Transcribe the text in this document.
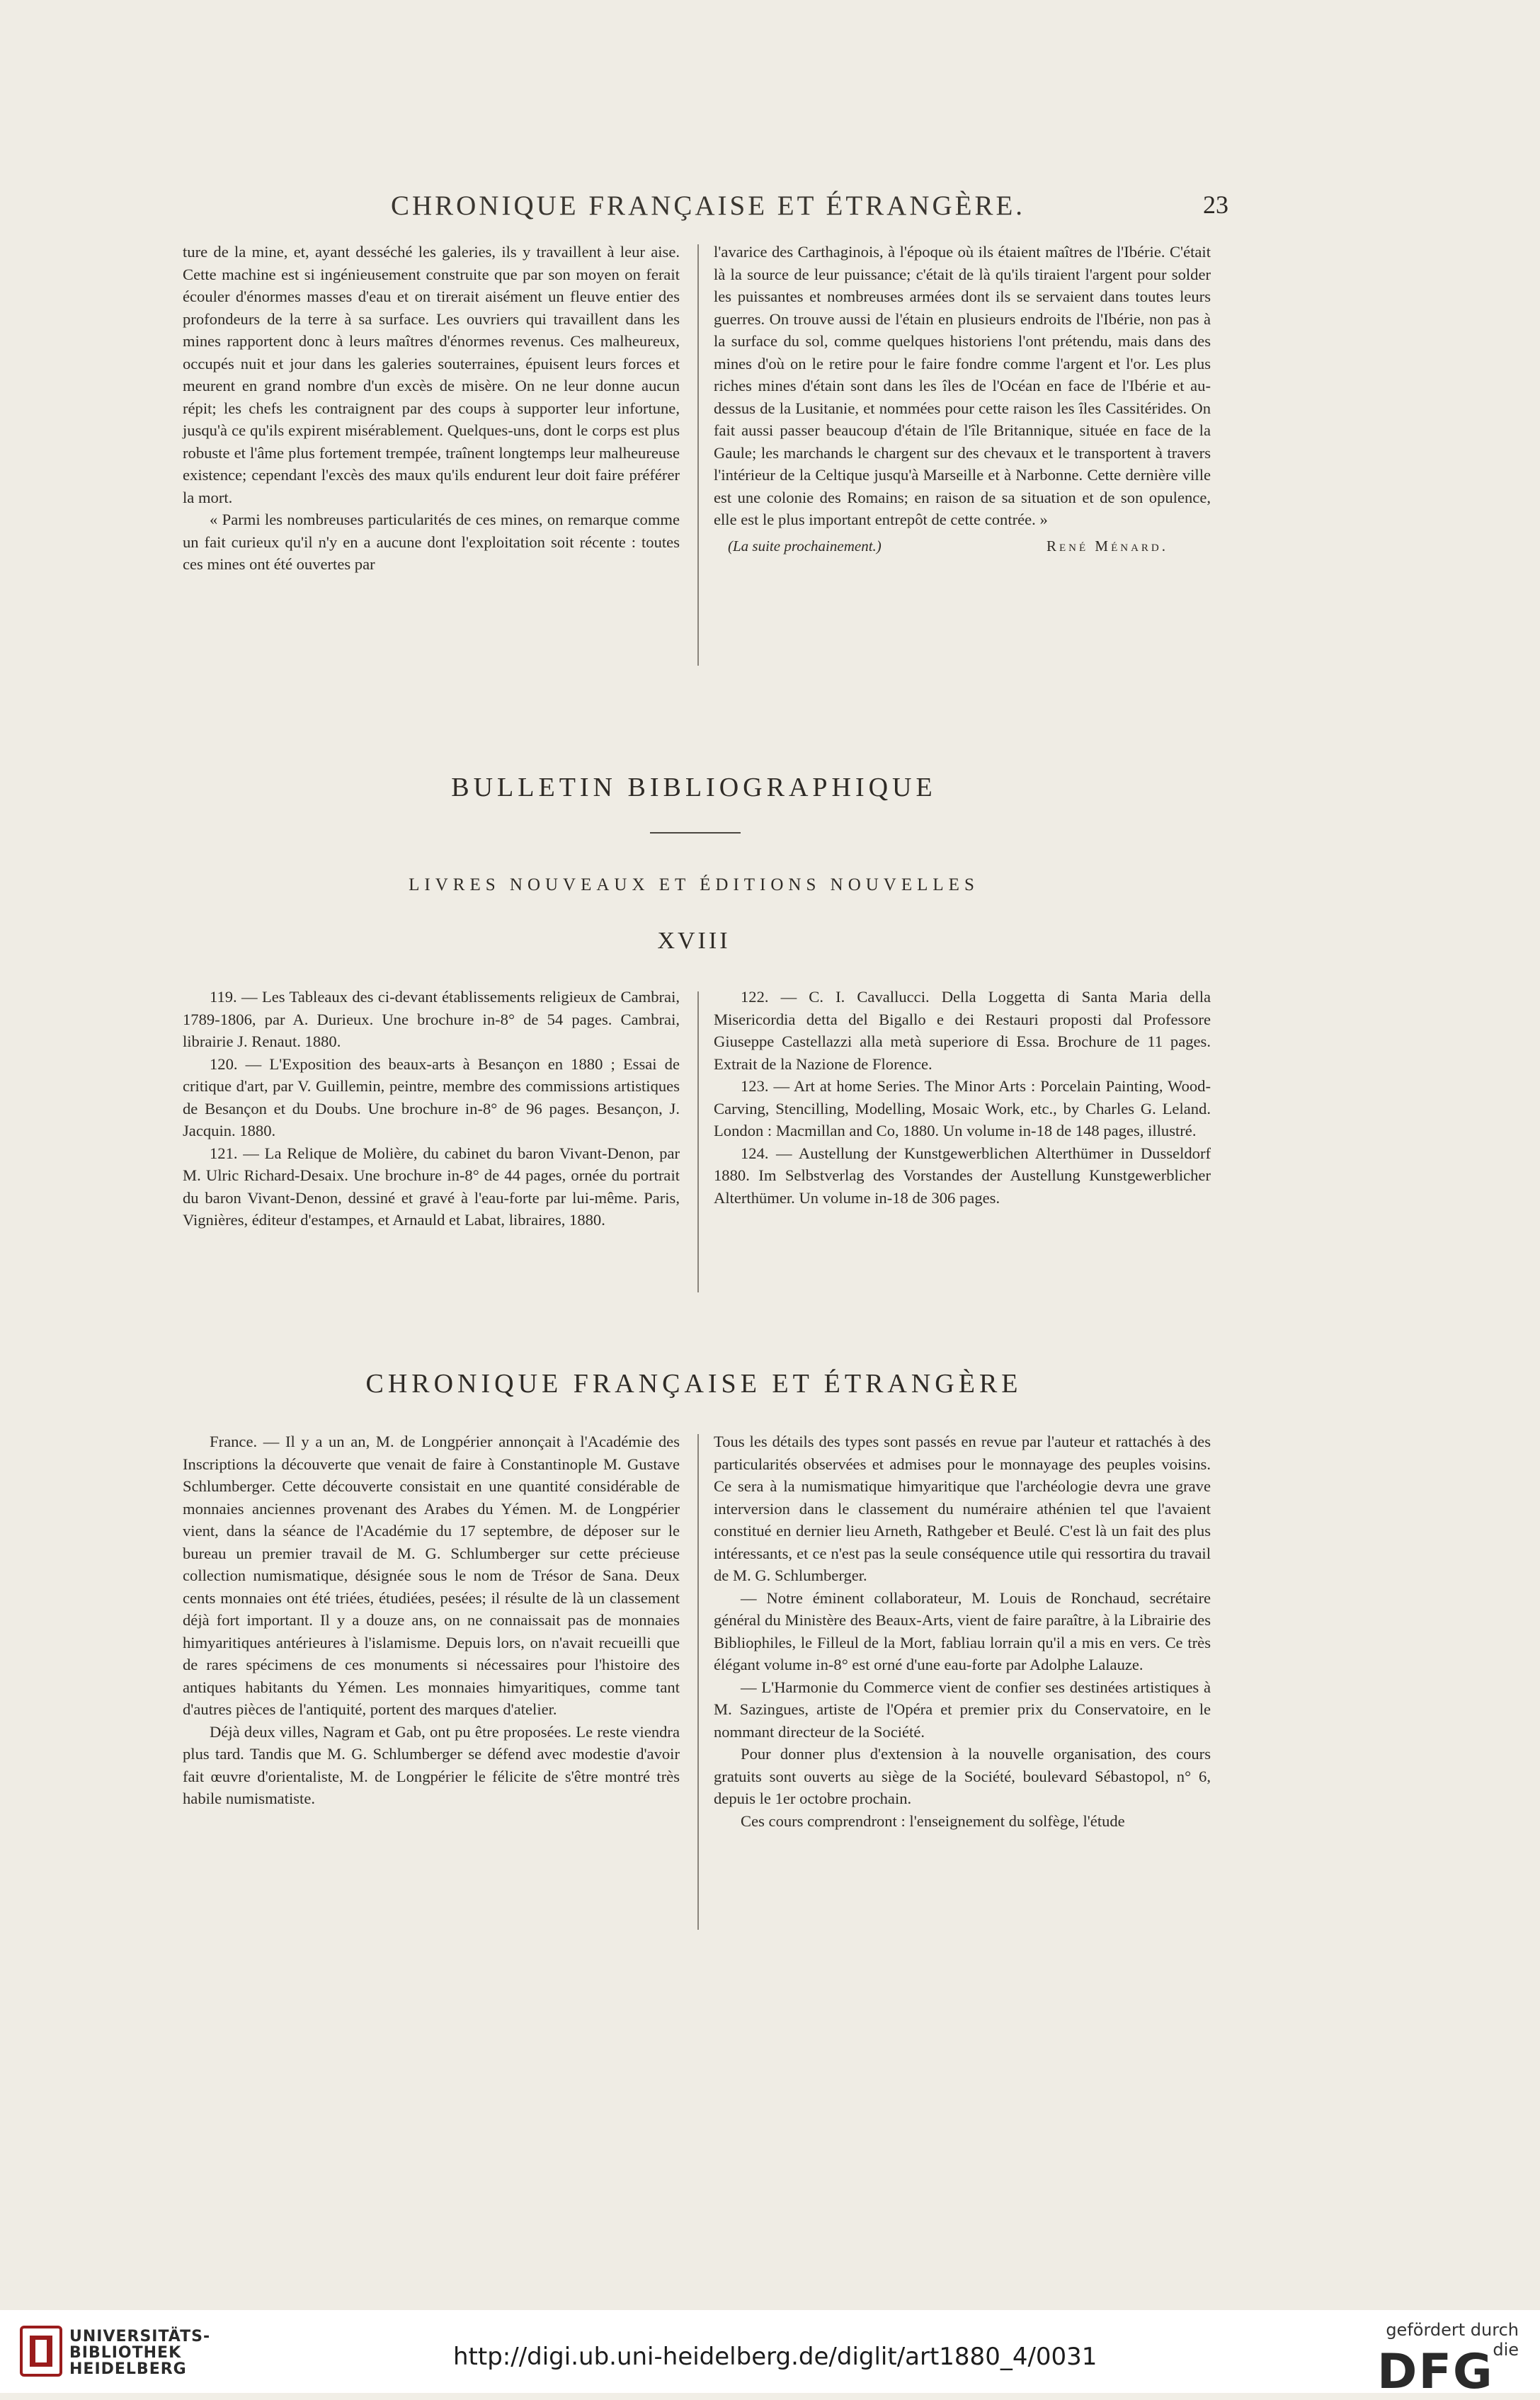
CHRONIQUE FRANÇAISE ET ÉTRANGÈRE.	23

ture de la mine, et, ayant desséché les galeries, ils y travaillent à leur aise. Cette machine est si ingénieusement construite que par son moyen on ferait écouler d'énormes masses d'eau et on tirerait aisément un fleuve entier des profondeurs de la terre à sa surface. Les ouvriers qui travaillent dans les mines rapportent donc à leurs maîtres d'énormes revenus. Ces malheureux, occupés nuit et jour dans les galeries souterraines, épuisent leurs forces et meurent en grand nombre d'un excès de misère. On ne leur donne aucun répit; les chefs les contraignent par des coups à supporter leur infortune, jusqu'à ce qu'ils expirent misérablement. Quelques-uns, dont le corps est plus robuste et l'âme plus fortement trempée, traînent longtemps leur malheureuse existence; cependant l'excès des maux qu'ils endurent leur doit faire préférer la mort.

« Parmi les nombreuses particularités de ces mines, on remarque comme un fait curieux qu'il n'y en a aucune dont l'exploitation soit récente : toutes ces mines ont été ouvertes par

l'avarice des Carthaginois, à l'époque où ils étaient maîtres de l'Ibérie. C'était là la source de leur puissance; c'était de là qu'ils tiraient l'argent pour solder les puissantes et nombreuses armées dont ils se servaient dans toutes leurs guerres. On trouve aussi de l'étain en plusieurs endroits de l'Ibérie, non pas à la surface du sol, comme quelques historiens l'ont prétendu, mais dans des mines d'où on le retire pour le faire fondre comme l'argent et l'or. Les plus riches mines d'étain sont dans les îles de l'Océan en face de l'Ibérie et au-dessus de la Lusitanie, et nommées pour cette raison les îles Cassitérides. On fait aussi passer beaucoup d'étain de l'île Britannique, située en face de la Gaule; les marchands le chargent sur des chevaux et le transportent à travers l'intérieur de la Celtique jusqu'à Marseille et à Narbonne. Cette dernière ville est une colonie des Romains; en raison de sa situation et de son opulence, elle est le plus important entrepôt de cette contrée. »

(La suite prochainement.)	René Ménard.
BULLETIN BIBLIOGRAPHIQUE
LIVRES NOUVEAUX ET ÉDITIONS NOUVELLES
XVIII

119. — Les Tableaux des ci-devant établissements religieux de Cambrai, 1789-1806, par A. Durieux. Une brochure in-8° de 54 pages. Cambrai, librairie J. Renaut. 1880.

120. — L'Exposition des beaux-arts à Besançon en 1880 ; Essai de critique d'art, par V. Guillemin, peintre, membre des commissions artistiques de Besançon et du Doubs. Une brochure in-8° de 96 pages. Besançon, J. Jacquin. 1880.

121. — La Relique de Molière, du cabinet du baron Vivant-Denon, par M. Ulric Richard-Desaix. Une brochure in-8° de 44 pages, ornée du portrait du baron Vivant-Denon, dessiné et gravé à l'eau-forte par lui-même. Paris, Vignières, éditeur d'estampes, et Arnauld et Labat, libraires, 1880.

122. — C. I. Cavallucci. Della Loggetta di Santa Maria della Misericordia detta del Bigallo e dei Restauri proposti dal Professore Giuseppe Castellazzi alla metà superiore di Essa. Brochure de 11 pages. Extrait de la Nazione de Florence.

123. — Art at home Series. The Minor Arts : Porcelain Painting, Wood-Carving, Stencilling, Modelling, Mosaic Work, etc., by Charles G. Leland. London : Macmillan and Co, 1880. Un volume in-18 de 148 pages, illustré.

124. — Austellung der Kunstgewerblichen Alterthümer in Dusseldorf 1880. Im Selbstverlag des Vorstandes der Austellung Kunstgewerblicher Alterthümer. Un volume in-18 de 306 pages.

CHRONIQUE FRANÇAISE ET ÉTRANGÈRE

France. — Il y a un an, M. de Longpérier annonçait à l'Académie des Inscriptions la découverte que venait de faire à Constantinople M. Gustave Schlumberger. Cette découverte consistait en une quantité considérable de monnaies anciennes provenant des Arabes du Yémen. M. de Longpérier vient, dans la séance de l'Académie du 17 septembre, de déposer sur le bureau un premier travail de M. G. Schlumberger sur cette précieuse collection numismatique, désignée sous le nom de Trésor de Sana. Deux cents monnaies ont été triées, étudiées, pesées; il résulte de là un classement déjà fort important. Il y a douze ans, on ne connaissait pas de monnaies himyaritiques antérieures à l'islamisme. Depuis lors, on n'avait recueilli que de rares spécimens de ces monuments si nécessaires pour l'histoire des antiques habitants du Yémen. Les monnaies himyaritiques, comme tant d'autres pièces de l'antiquité, portent des marques d'atelier.

Déjà deux villes, Nagram et Gab, ont pu être proposées. Le reste viendra plus tard. Tandis que M. G. Schlumberger se défend avec modestie d'avoir fait œuvre d'orientaliste, M. de Longpérier le félicite de s'être montré très habile numismatiste.

Tous les détails des types sont passés en revue par l'auteur et rattachés à des particularités observées et admises pour le monnayage des peuples voisins. Ce sera à la numismatique himyaritique que l'archéologie devra une grave interversion dans le classement du numéraire athénien tel que l'avaient constitué en dernier lieu Arneth, Rathgeber et Beulé. C'est là un fait des plus intéressants, et ce n'est pas la seule conséquence utile qui ressortira du travail de M. G. Schlumberger.

— Notre éminent collaborateur, M. Louis de Ronchaud, secrétaire général du Ministère des Beaux-Arts, vient de faire paraître, à la Librairie des Bibliophiles, le Filleul de la Mort, fabliau lorrain qu'il a mis en vers. Ce très élégant volume in-8° est orné d'une eau-forte par Adolphe Lalauze.

— L'Harmonie du Commerce vient de confier ses destinées artistiques à M. Sazingues, artiste de l'Opéra et premier prix du Conservatoire, en le nommant directeur de la Société.

Pour donner plus d'extension à la nouvelle organisation, des cours gratuits sont ouverts au siège de la Société, boulevard Sébastopol, n° 6, depuis le 1er octobre prochain.

Ces cours comprendront : l'enseignement du solfège, l'étude

UNIVERSITÄTS-
BIBLIOTHEK
HEIDELBERG	http://digi.ub.uni-heidelberg.de/diglit/art1880_4/0031
gefördert durch die
DFG
